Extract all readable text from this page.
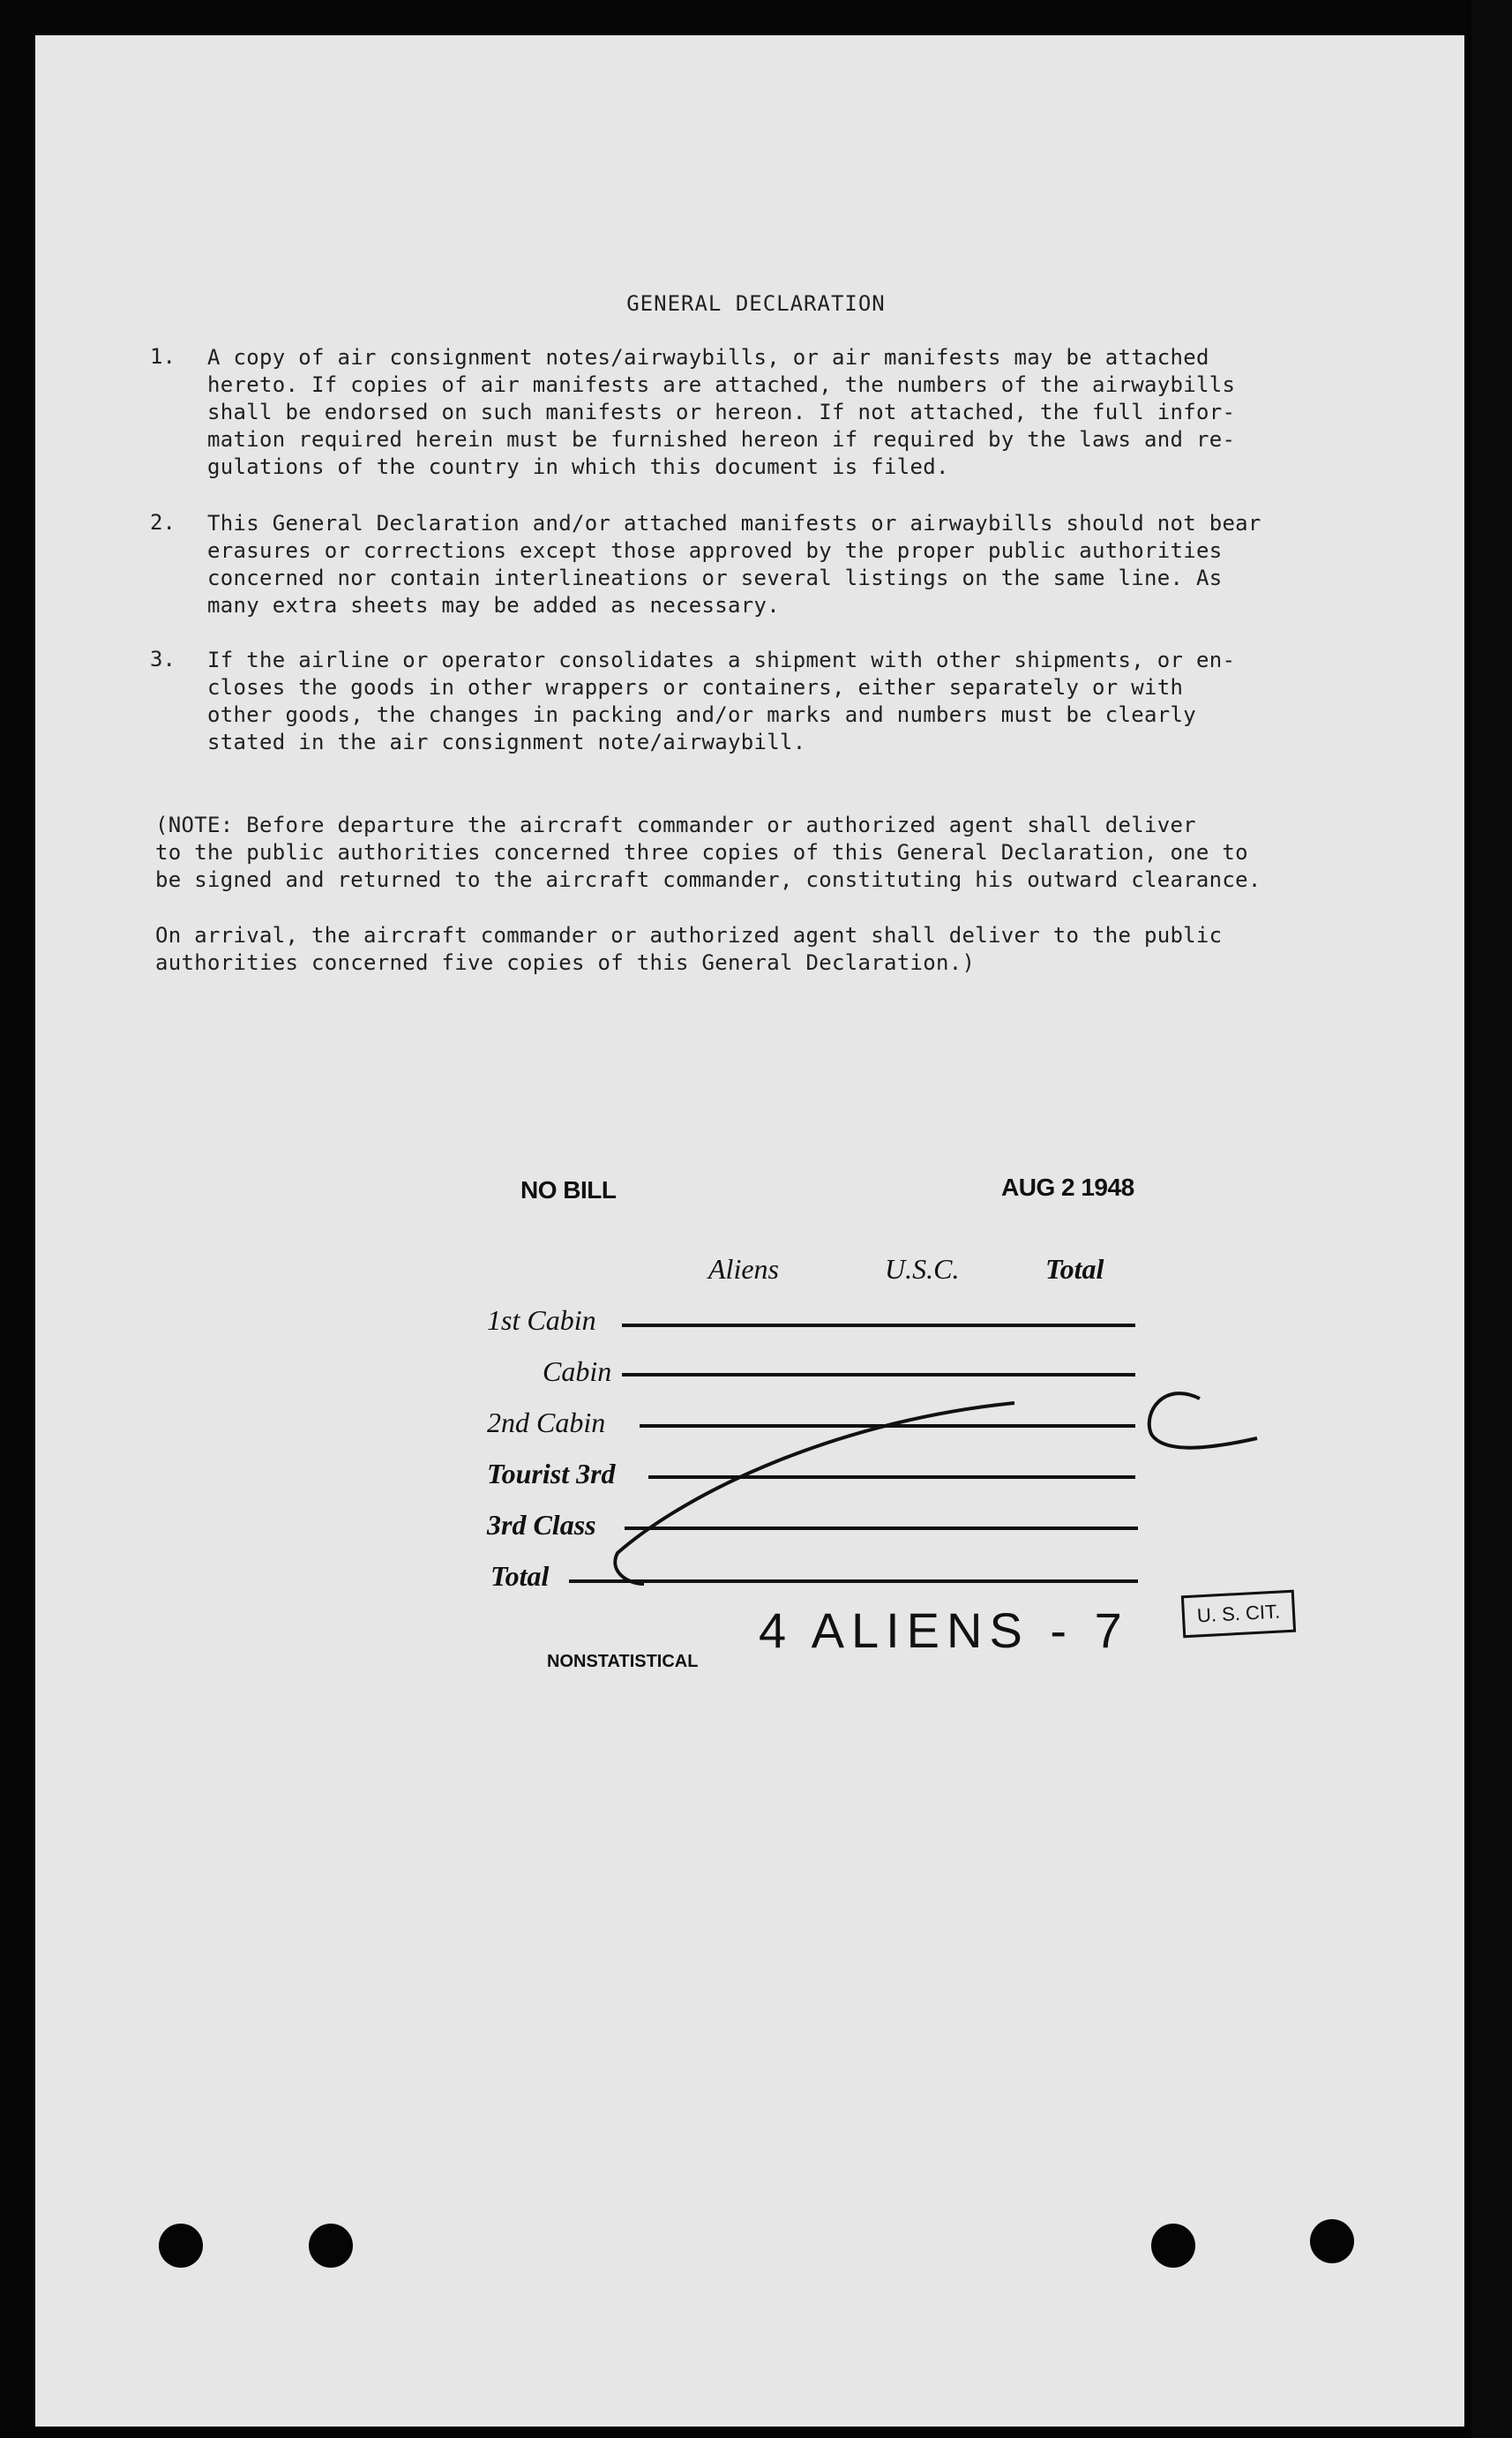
GENERAL DECLARATION
1. A copy of air consignment notes/airwaybills, or air manifests may be attached
hereto. If copies of air manifests are attached, the numbers of the airwaybills
shall be endorsed on such manifests or hereon. If not attached, the full infor-
mation required herein must be furnished hereon if required by the laws and re-
gulations of the country in which this document is filed.
2. This General Declaration and/or attached manifests or airwaybills should not bear
erasures or corrections except those approved by the proper public authorities
concerned nor contain interlineations or several listings on the same line. As
many extra sheets may be added as necessary.
3. If the airline or operator consolidates a shipment with other shipments, or en-
closes the goods in other wrappers or containers, either separately or with
other goods, the changes in packing and/or marks and numbers must be clearly
stated in the air consignment note/airwaybill.
(NOTE: Before departure the aircraft commander or authorized agent shall deliver
to the public authorities concerned three copies of this General Declaration, one to
be signed and returned to the aircraft commander, constituting his outward clearance.
On arrival, the aircraft commander or authorized agent shall deliver to the public
authorities concerned five copies of this General Declaration.)
NO BILL	AUG 2 1948
Aliens	U.S.C.	Total
1st Cabin
Cabin
2nd Cabin
Tourist 3rd
3rd Class
Total
4 ALIENS - 7	U. S. CIT.
NONSTATISTICAL
